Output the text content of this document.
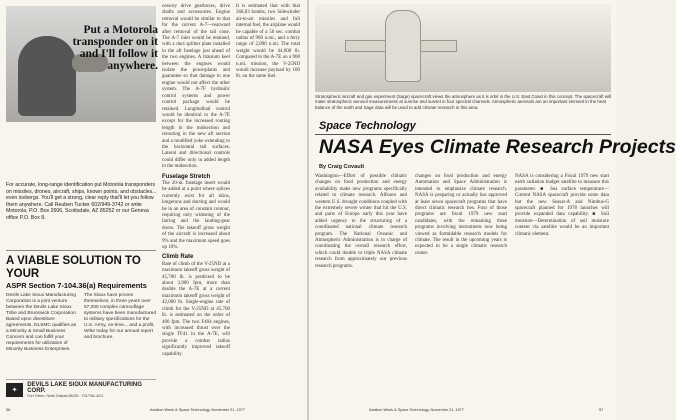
Put a Motorola transponder on it and I'll follow it anywhere.
For accurate, long-range identification put Motorola transponders on missiles, drones, aircraft, ships, known points, and obstacles... even icebergs. You'll get a strong, clear reply that'll let you follow them anywhere. Call Reuben Tucker 602/949-3742 or write Motorola, P.O. Box 2606, Scottsdale, AZ 85252 or our Geneva office P.O. Box 8.
A VIABLE SOLUTION TO YOUR
ASPR Section 7-104.36(a) Requirements
Devils Lake Sioux Manufacturing Corporation is a joint venture between the Devils Lake Sioux Tribe and Brunswick Corporation. Based upon divestiture agreements, DLSMC qualifies as a Minority & Small Business Concern and can fulfill your requirements for utilization of Minority Business Enterprises.
The Sioux have proven themselves, in three years over 57,000 complex camouflage systems have been manufactured to military specifications for the U.S. Army, on-time... and a profit. Write today for our annual report and brochure.
✦
DEVILS LAKE SIOUX MANUFACTURING CORP.
Fort Totten, North Dakota 58335 · 701/766-4211
cessory drive gearboxes, drive shafts and accessories. Engine removal would be similar to that for the current A-7—rearward after removal of the tail cone. The A-7 inlet would be retained, with a duct splitter plate installed in the aft fuselage just ahead of the two engines. A titanium keel between the engines would isolate the powerplants and guarantee so that damage to one engine would not affect the other system. The A-7F hydraulic control systems and power control package would be retained. Longitudinal control would be identical to the A-7E except for the increased routing length in the midsection and rerouting in the new aft section and a modified yoke extending to the horizontal tail surfaces. Lateral and directional controls could differ only in added length in the midsection.
Fuselage Stretch
The 20-in. fuselage insert would be added at a point where splices currently exist for all skins, longerons and ducting and would be in an area of constant contour, requiring only widening of the fairing and the landing-gear doors. The takeoff gross weight of the aircraft is increased about 9% and the maximum speed goes up 10%.
Climb Rate
Rate of climb of the V-25ND at a maximum takeoff gross weight of 45,700 lb. is predicted to be about 3,900 fpm, more than double the A-7E at a current maximum takeoff gross weight of 42,000 lb. Single-engine rate of climb for the V-25ND at 45,700 lb. is estimated on the order of 400 fpm. The two F404 engines, with increased thrust over the single TF41 in the A-7E, will provide a combat radius significantly improved takeoff capability.
It is estimated that with that 368,83 bombs, two Sidewinder air-to-air missiles and full internal fuel, the airplane would be capable of a 56 sec. combat radius of 900 n.mi., and a ferry range of 2,890 n.mi. The total weight would be 44,000 lb. Compared to the A-7E on a 900 n.mi. mission, the V-25ND would increase payload by 100 lb. on the same fuel.
56	Aviation Week & Space Technology, November 21, 1977
Stratospheric aircraft and gas experiment (Sage) spacecraft views the atmosphere as it is orbit in the U.S. East Coast in this concept. The spacecraft will make stratospheric aerosol measurements at sunrise and sunset in four spectral channels. Atmospheric aerosols are an important element in the heat balance of the earth and Sage data will be used to add climate research in this area.
Space Technology
NASA Eyes Climate Research Projects
By Craig Covault
Washington—Effort of possible climatic changes on food production and energy availability make new programs specifically related to climate research. Alfsuon and western U.S. drought conditions coupled with the extremely severe winter that hit the U.S. and parts of Europe early this year have added urgency to the structuring of a coordinated national climate research program. The National Oceanic and Atmospheric Administration is in charge of coordinating the overall research effort, which could double or triple NASA climate research from approximately our previous research programs.
changes on food production and energy Automation and Space Administration is intended to emphasize climate research. NASA is preparing or actually has approved at least seven spacecraft programs that have direct climatic research ties. Four of those programs are fiscal 1979 new start candidates, with the remaining three programs involving instruments now being viewed as formidable research models for climate. The result in the upcoming years is expected to be a single climatic research center.
NASA is considering a Fiscal 1979 new start earth radiation budget satellite to measure this parameter. ■ Sea surface temperature—Current NASA spacecraft provide some data but the new Seasat-A and Nimbus-G spacecraft planned for 1978 launches will provide expanded data capability. ■ Soil moisture—Determination of soil moisture content via satellite would be an important climatic element.
Aviation Week & Space Technology, November 21, 1977	57
